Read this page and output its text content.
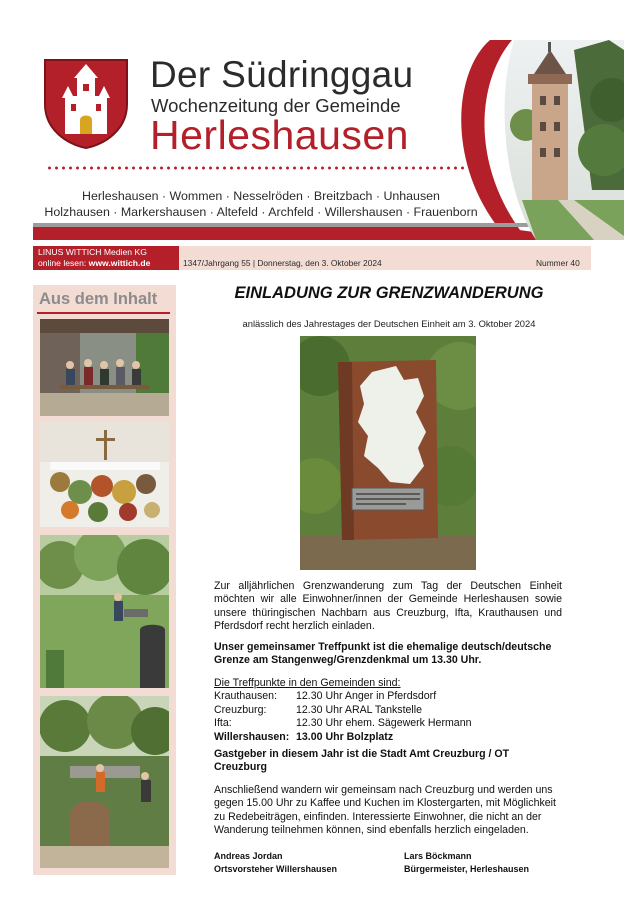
Der Südringgau
Wochenzeitung der Gemeinde
Herleshausen
Herleshausen · Wommen · Nesselröden · Breitzbach · Unhausen
Holzhausen · Markershausen · Altefeld · Archfeld · Willershausen · Frauenborn
LINUS WITTICH Medien KG
online lesen: www.wittich.de	1347/Jahrgang 55 | Donnerstag, den 3. Oktober 2024	Nummer 40
Aus dem Inhalt	EINLADUNG ZUR GRENZWANDERUNG
anlässlich des Jahrestages der Deutschen Einheit am 3. Oktober 2024
Zur alljährlichen Grenzwanderung zum Tag der Deutschen Einheit möchten wir alle Einwohner/innen der Gemeinde Herleshausen sowie unsere thüringischen Nachbarn aus Creuzburg, Ifta, Krauthausen und Pferdsdorf recht herzlich einladen.
Unser gemeinsamer Treffpunkt ist die ehemalige deutsch/deutsche Grenze am Stangenweg/Grenzdenkmal um 13.30 Uhr.
Die Treffpunkte in den Gemeinden sind:
Krauthausen:	12.30 Uhr Anger in Pferdsdorf
Creuzburg:	12.30 Uhr ARAL Tankstelle
Ifta:	12.30 Uhr ehem. Sägewerk Hermann
Willershausen: 13.00 Uhr Bolzplatz
Gastgeber in diesem Jahr ist die Stadt Amt Creuzburg / OT Creuzburg
Anschließend wandern wir gemeinsam nach Creuzburg und werden uns gegen 15.00 Uhr zu Kaffee und Kuchen im Klostergarten, mit Möglichkeit zu Redebeiträgen, einfinden. Interessierte Einwohner, die nicht an der Wanderung teilnehmen können, sind ebenfalls herzlich eingeladen.
Andreas Jordan
Ortsvorsteher Willershausen
Lars Böckmann
Bürgermeister, Herleshausen
